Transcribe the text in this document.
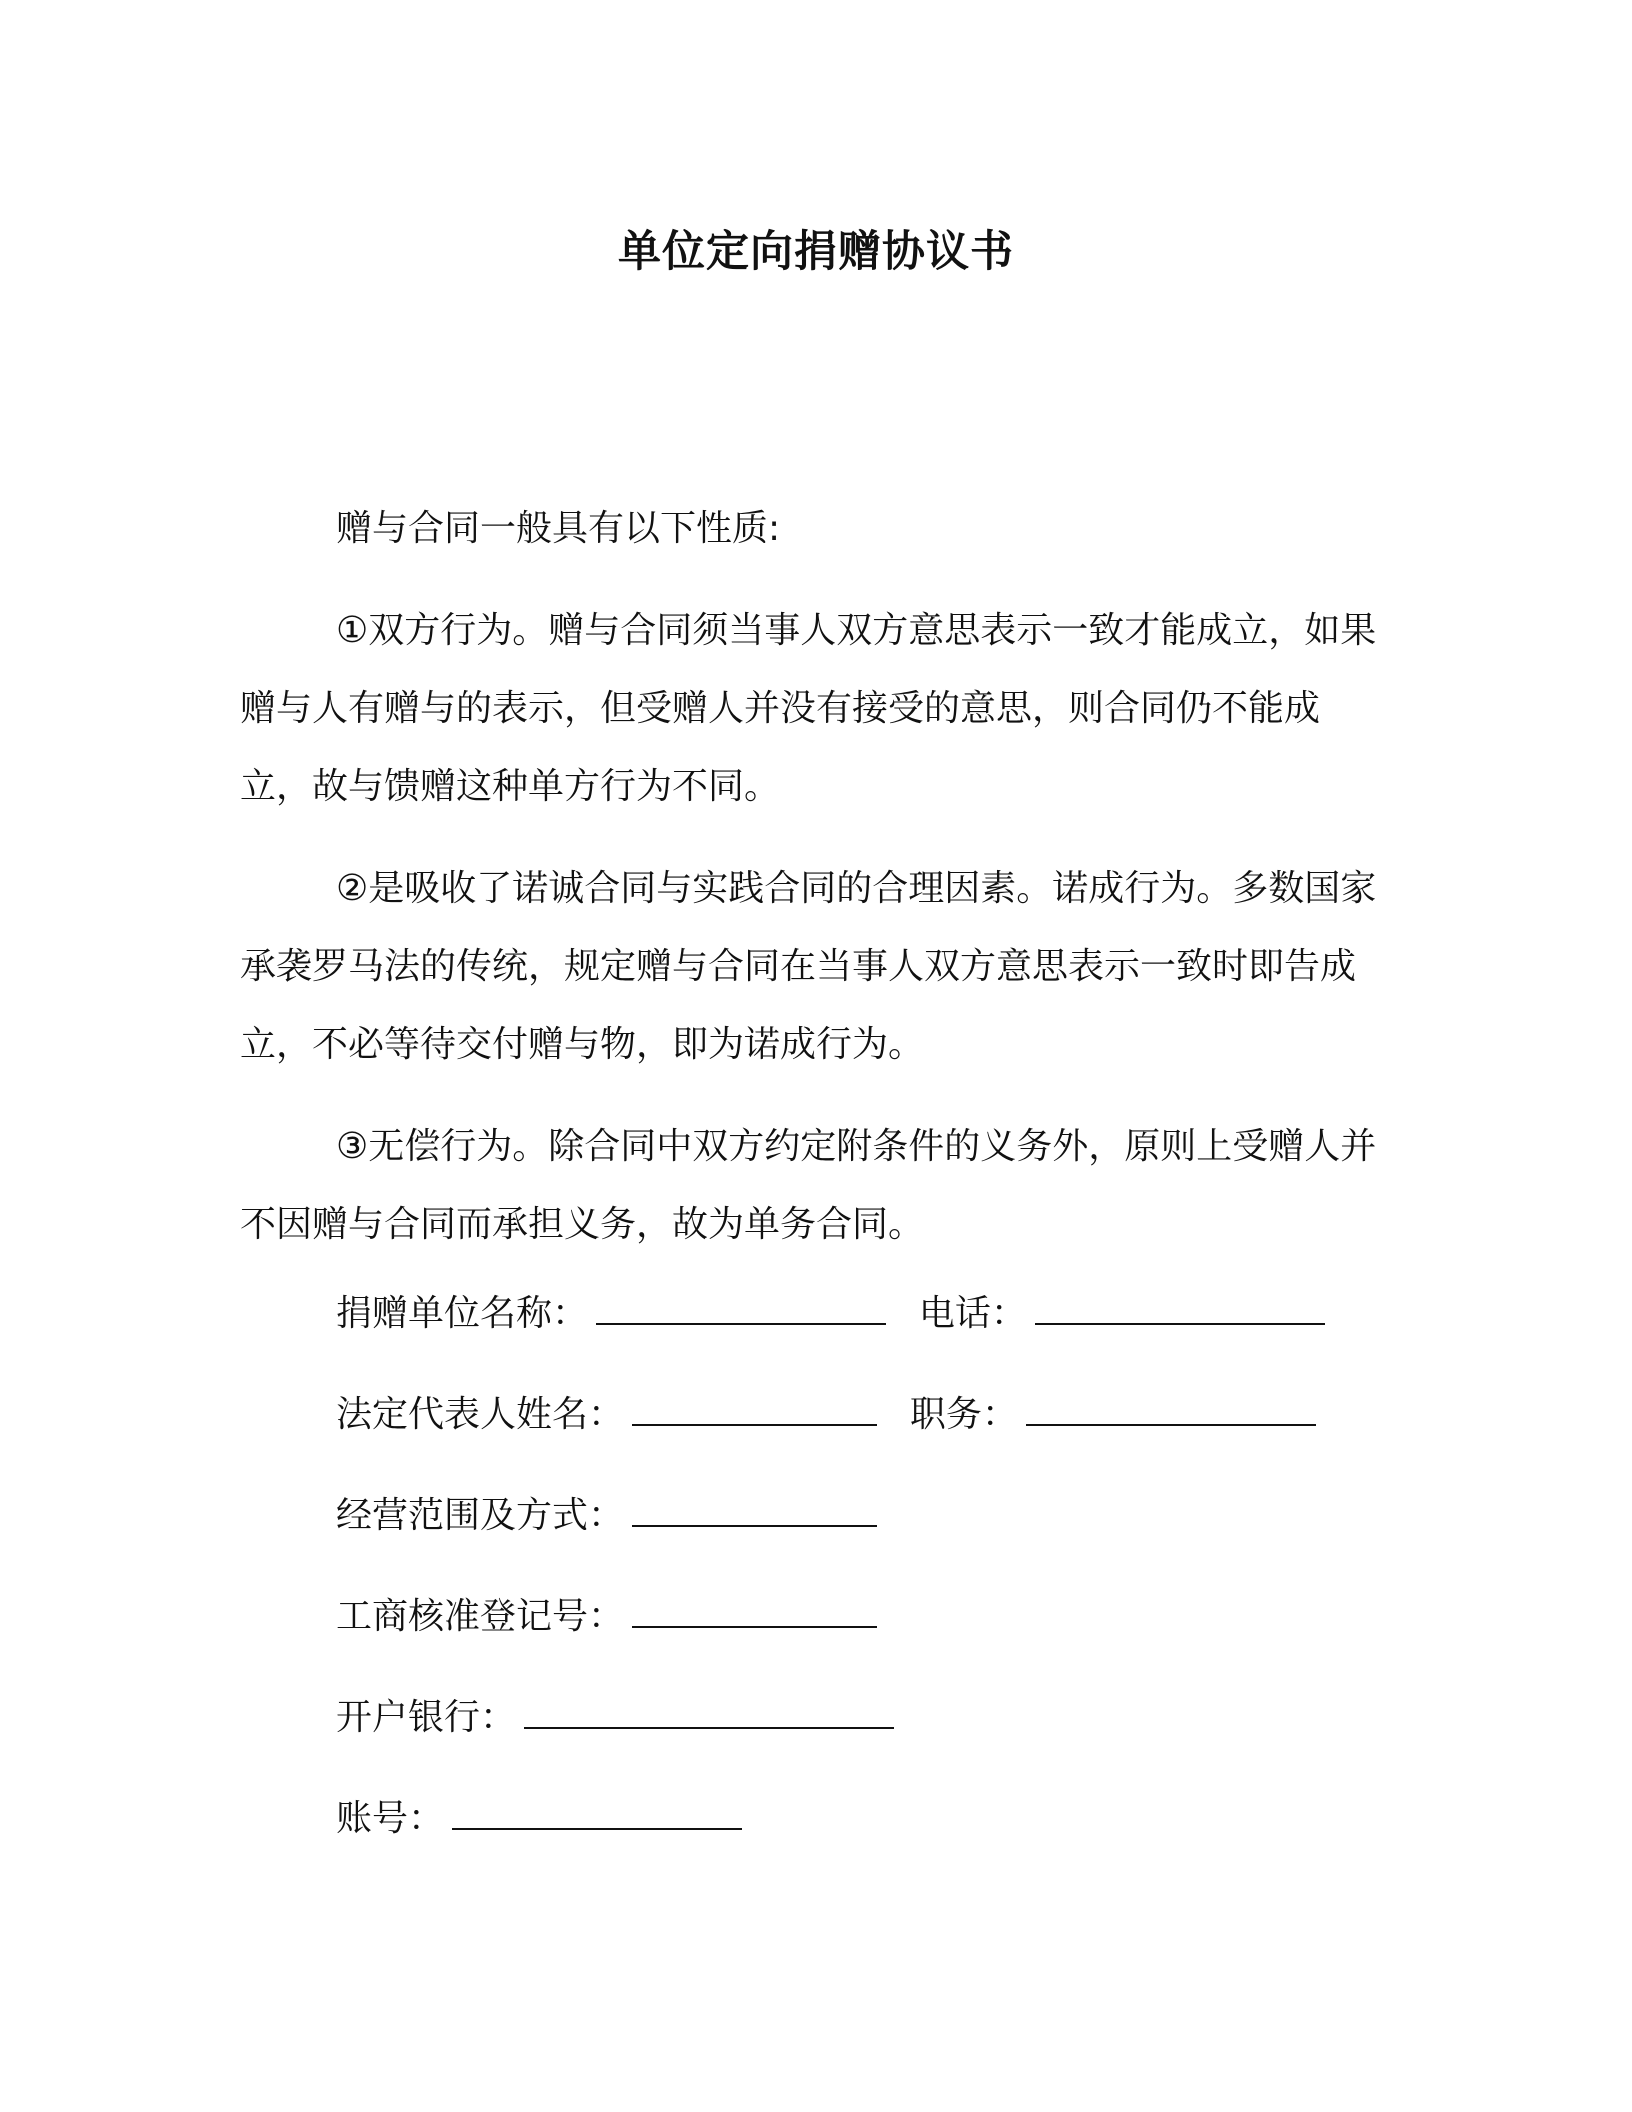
单位定向捐赠协议书

赠与合同一般具有以下性质:

①双方行为。赠与合同须当事人双方意思表示一致才能成立，如果赠与人有赠与的表示，但受赠人并没有接受的意思，则合同仍不能成立，故与馈赠这种单方行为不同。

②是吸收了诺诚合同与实践合同的合理因素。诺成行为。多数国家承袭罗马法的传统，规定赠与合同在当事人双方意思表示一致时即告成立，不必等待交付赠与物，即为诺成行为。

③无偿行为。除合同中双方约定附条件的义务外，原则上受赠人并不因赠与合同而承担义务，故为单务合同。

捐赠单位名称：	电话：
法定代表人姓名：	职务：
经营范围及方式：
工商核准登记号：
开户银行：
账号：
